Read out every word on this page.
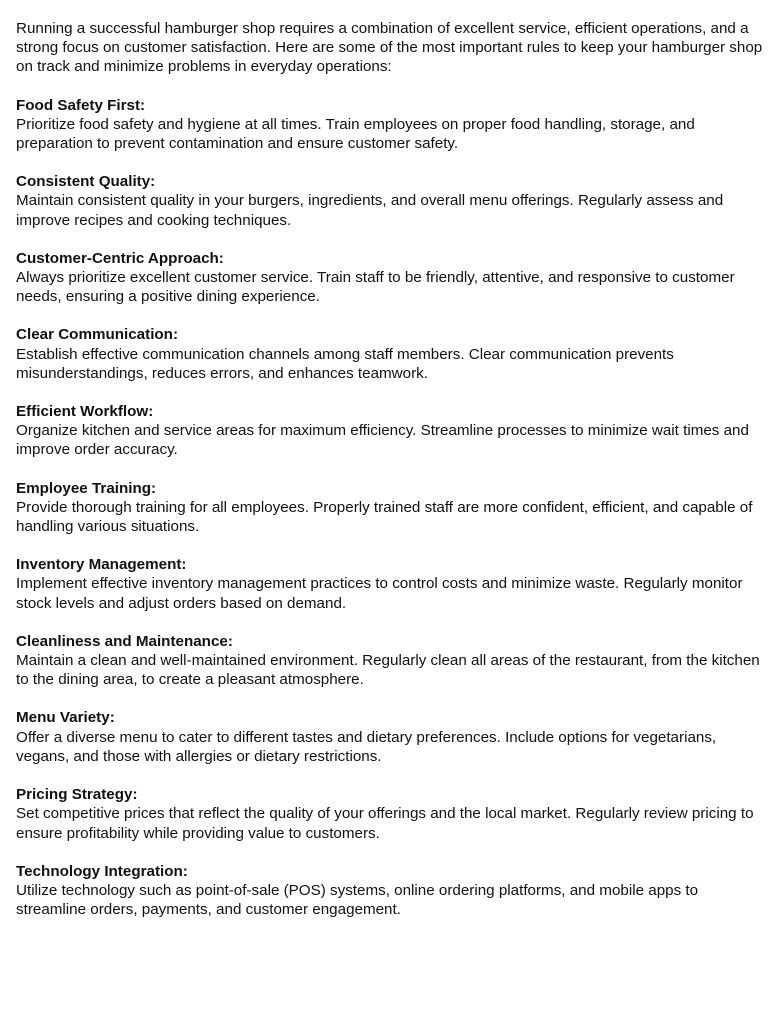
Running a successful hamburger shop requires a combination of excellent service, efficient operations, and a strong focus on customer satisfaction. Here are some of the most important rules to keep your hamburger shop on track and minimize problems in everyday operations:

Food Safety First:
Prioritize food safety and hygiene at all times. Train employees on proper food handling, storage, and preparation to prevent contamination and ensure customer safety.
Consistent Quality:
Maintain consistent quality in your burgers, ingredients, and overall menu offerings. Regularly assess and improve recipes and cooking techniques.
Customer-Centric Approach:
Always prioritize excellent customer service. Train staff to be friendly, attentive, and responsive to customer needs, ensuring a positive dining experience.
Clear Communication:
Establish effective communication channels among staff members. Clear communication prevents misunderstandings, reduces errors, and enhances teamwork.
Efficient Workflow:
Organize kitchen and service areas for maximum efficiency. Streamline processes to minimize wait times and improve order accuracy.
Employee Training:
Provide thorough training for all employees. Properly trained staff are more confident, efficient, and capable of handling various situations.
Inventory Management:
Implement effective inventory management practices to control costs and minimize waste. Regularly monitor stock levels and adjust orders based on demand.
Cleanliness and Maintenance:
Maintain a clean and well-maintained environment. Regularly clean all areas of the restaurant, from the kitchen to the dining area, to create a pleasant atmosphere.
Menu Variety:
Offer a diverse menu to cater to different tastes and dietary preferences. Include options for vegetarians, vegans, and those with allergies or dietary restrictions.
Pricing Strategy:
Set competitive prices that reflect the quality of your offerings and the local market. Regularly review pricing to ensure profitability while providing value to customers.
Technology Integration:
Utilize technology such as point-of-sale (POS) systems, online ordering platforms, and mobile apps to streamline orders, payments, and customer engagement.
